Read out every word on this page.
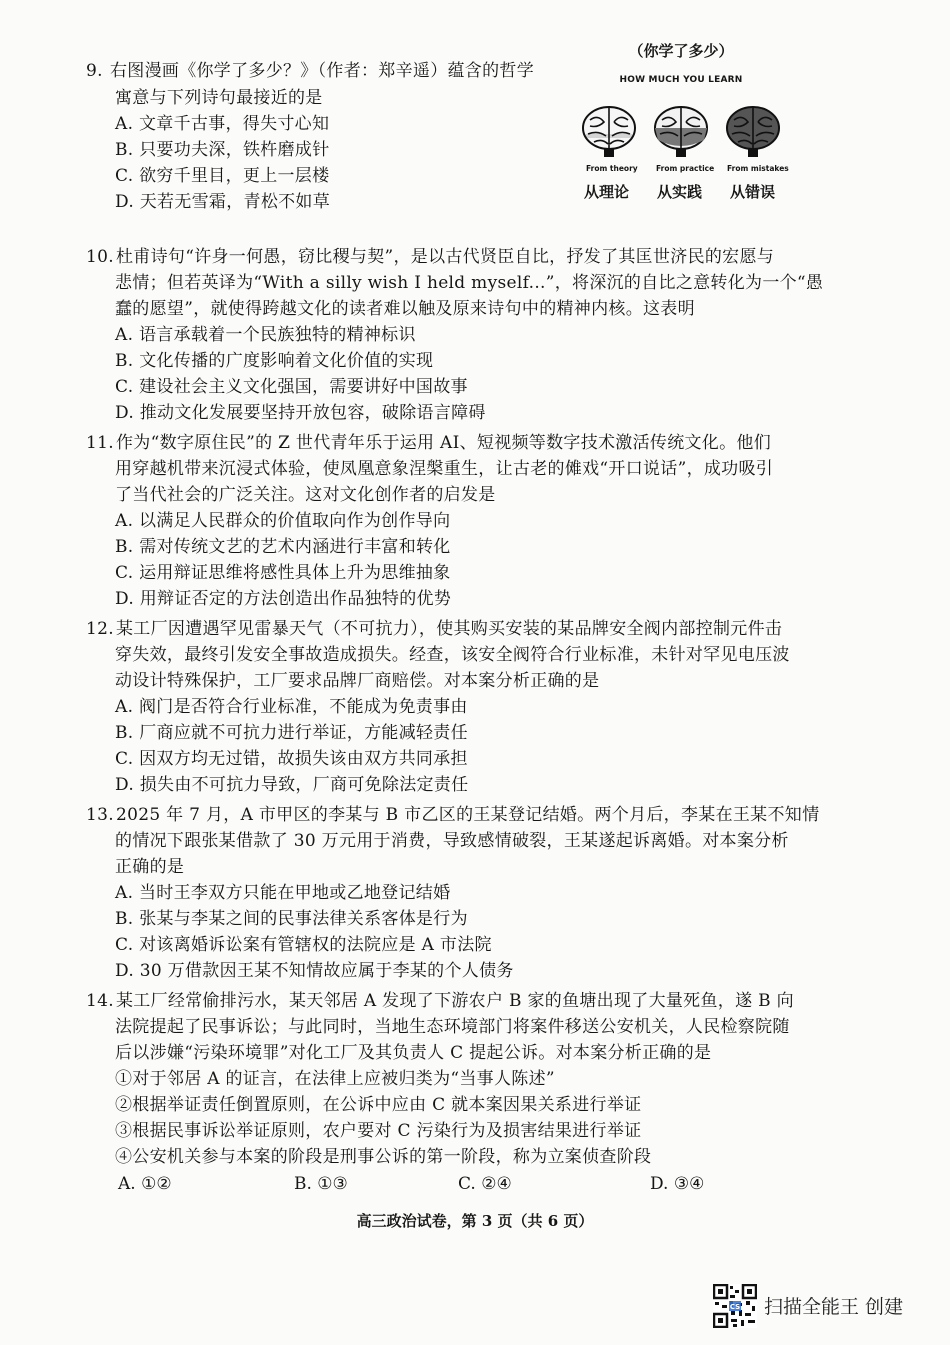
9. 右图漫画《你学了多少？》（作者：郑辛遥）蕴含的哲学
寓意与下列诗句最接近的是
A. 文章千古事，得失寸心知
B. 只要功夫深，铁杵磨成针
C. 欲穷千里目，更上一层楼
D. 天若无雪霜，青松不如草
（你学了多少）
HOW MUCH YOU LEARN
From theory From practice From mistakes
从理论 从实践 从错误
10. 杜甫诗句“许身一何愚，窃比稷与契”，是以古代贤臣自比，抒发了其匡世济民的宏愿与
悲情；但若英译为“With a silly wish I held myself...”，将深沉的自比之意转化为一个“愚
蠢的愿望”，就使得跨越文化的读者难以触及原来诗句中的精神内核。这表明
A. 语言承载着一个民族独特的精神标识
B. 文化传播的广度影响着文化价值的实现
C. 建设社会主义文化强国，需要讲好中国故事
D. 推动文化发展要坚持开放包容，破除语言障碍
11. 作为“数字原住民”的 Z 世代青年乐于运用 AI、短视频等数字技术激活传统文化。他们
用穿越机带来沉浸式体验，使凤凰意象涅槃重生，让古老的傩戏“开口说话”，成功吸引
了当代社会的广泛关注。这对文化创作者的启发是
A. 以满足人民群众的价值取向作为创作导向
B. 需对传统文艺的艺术内涵进行丰富和转化
C. 运用辩证思维将感性具体上升为思维抽象
D. 用辩证否定的方法创造出作品独特的优势
12. 某工厂因遭遇罕见雷暴天气（不可抗力），使其购买安装的某品牌安全阀内部控制元件击
穿失效，最终引发安全事故造成损失。经查，该安全阀符合行业标准，未针对罕见电压波
动设计特殊保护，工厂要求品牌厂商赔偿。对本案分析正确的是
A. 阀门是否符合行业标准，不能成为免责事由
B. 厂商应就不可抗力进行举证，方能减轻责任
C. 因双方均无过错，故损失该由双方共同承担
D. 损失由不可抗力导致，厂商可免除法定责任
13. 2025 年 7 月，A 市甲区的李某与 B 市乙区的王某登记结婚。两个月后，李某在王某不知情
的情况下跟张某借款了 30 万元用于消费，导致感情破裂，王某遂起诉离婚。对本案分析
正确的是
A. 当时王李双方只能在甲地或乙地登记结婚
B. 张某与李某之间的民事法律关系客体是行为
C. 对该离婚诉讼案有管辖权的法院应是 A 市法院
D. 30 万借款因王某不知情故应属于李某的个人债务
14. 某工厂经常偷排污水，某天邻居 A 发现了下游农户 B 家的鱼塘出现了大量死鱼，遂 B 向
法院提起了民事诉讼；与此同时，当地生态环境部门将案件移送公安机关，人民检察院随
后以涉嫌“污染环境罪”对化工厂及其负责人 C 提起公诉。对本案分析正确的是
①对于邻居 A 的证言，在法律上应被归类为“当事人陈述”
②根据举证责任倒置原则，在公诉中应由 C 就本案因果关系进行举证
③根据民事诉讼举证原则，农户要对 C 污染行为及损害结果进行举证
④公安机关参与本案的阶段是刑事公诉的第一阶段，称为立案侦查阶段
A. ①②	B. ①③	C. ②④	D. ③④
高三政治试卷，第 3 页（共 6 页）
CS 扫描全能王 创建
